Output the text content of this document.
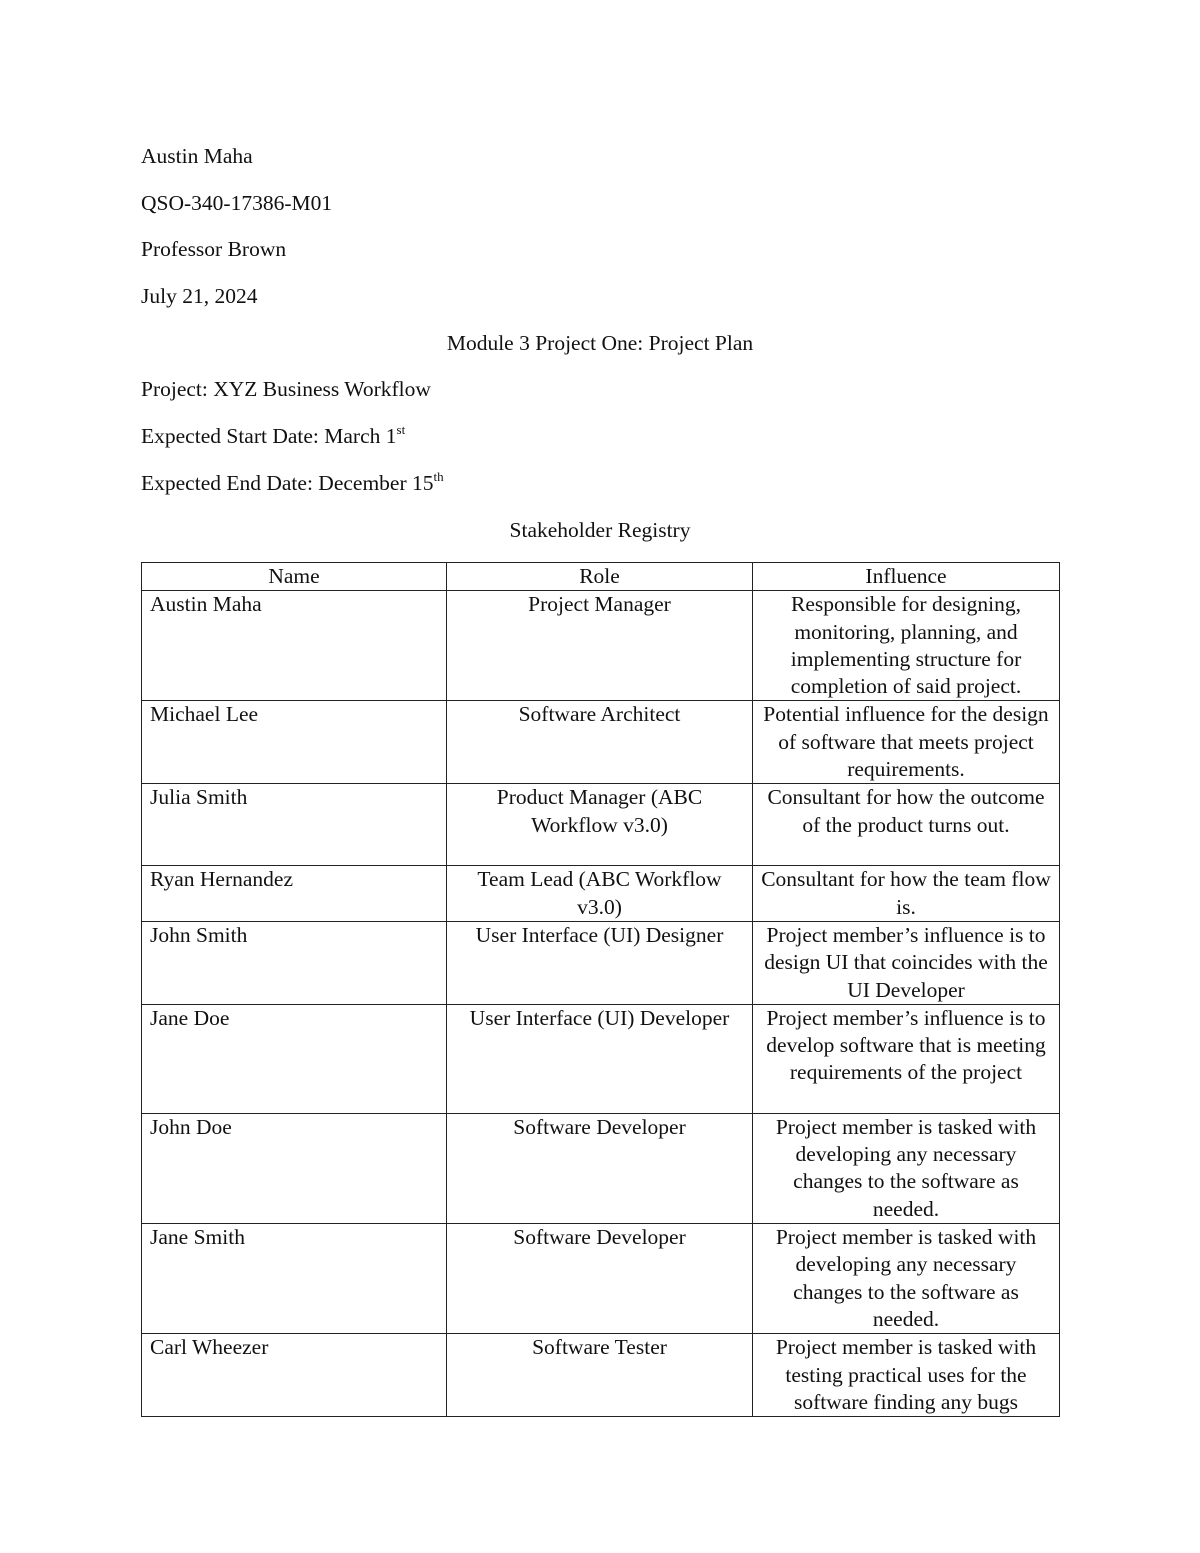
Austin Maha
QSO-340-17386-M01
Professor Brown
July 21, 2024
Module 3 Project One: Project Plan
Project: XYZ Business Workflow
Expected Start Date: March 1st
Expected End Date: December 15th
Stakeholder Registry
Name	Role	Influence
Austin Maha	Project Manager	Responsible for designing, monitoring, planning, and implementing structure for completion of said project.
Michael Lee	Software Architect	Potential influence for the design of software that meets project requirements.
Julia Smith	Product Manager (ABC Workflow v3.0)	Consultant for how the outcome of the product turns out.
Ryan Hernandez	Team Lead (ABC Workflow v3.0)	Consultant for how the team flow is.
John Smith	User Interface (UI) Designer	Project member’s influence is to design UI that coincides with the UI Developer
Jane Doe	User Interface (UI) Developer	Project member’s influence is to develop software that is meeting requirements of the project
John Doe	Software Developer	Project member is tasked with developing any necessary changes to the software as needed.
Jane Smith	Software Developer	Project member is tasked with developing any necessary changes to the software as needed.
Carl Wheezer	Software Tester	Project member is tasked with testing practical uses for the software finding any bugs
